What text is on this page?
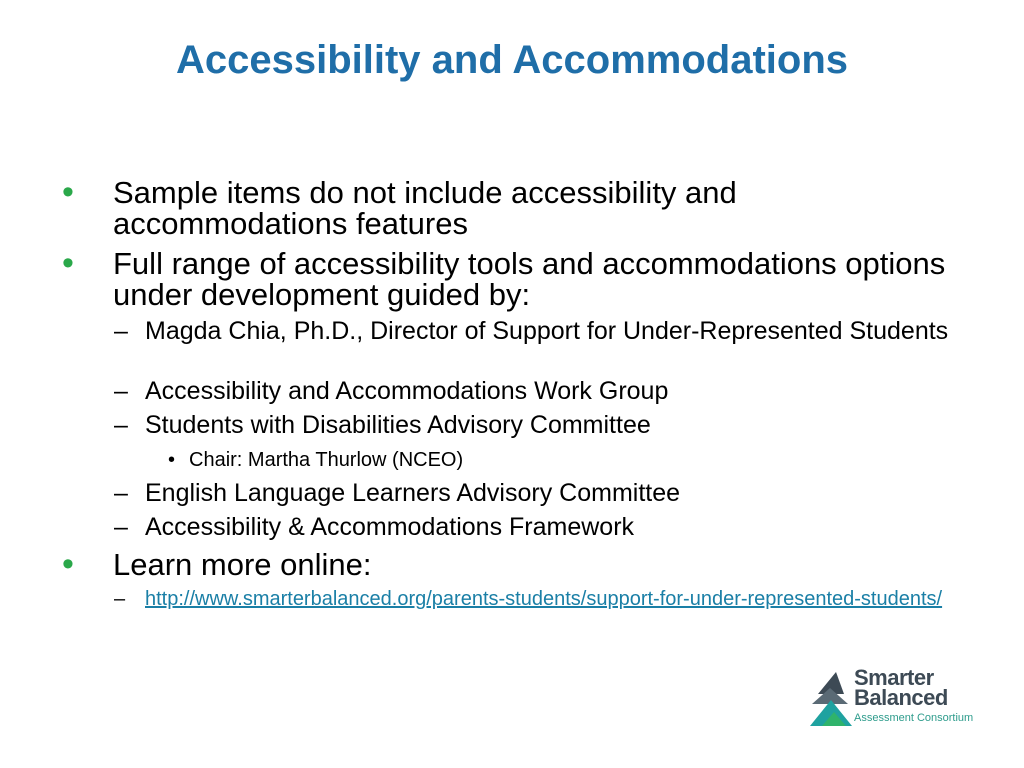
Accessibility and Accommodations
•	Sample items do not include accessibility and accommodations features
•	Full range of accessibility tools and accommodations options under development guided by:
– Magda Chia, Ph.D., Director of Support for Under-Represented Students
– Accessibility and Accommodations Work Group
– Students with Disabilities Advisory Committee
• Chair: Martha Thurlow (NCEO)
– English Language Learners Advisory Committee
– Accessibility & Accommodations Framework
•	Learn more online:
– http://www.smarterbalanced.org/parents-students/support-for-under-represented-students/
Smarter
Balanced
Assessment Consortium
